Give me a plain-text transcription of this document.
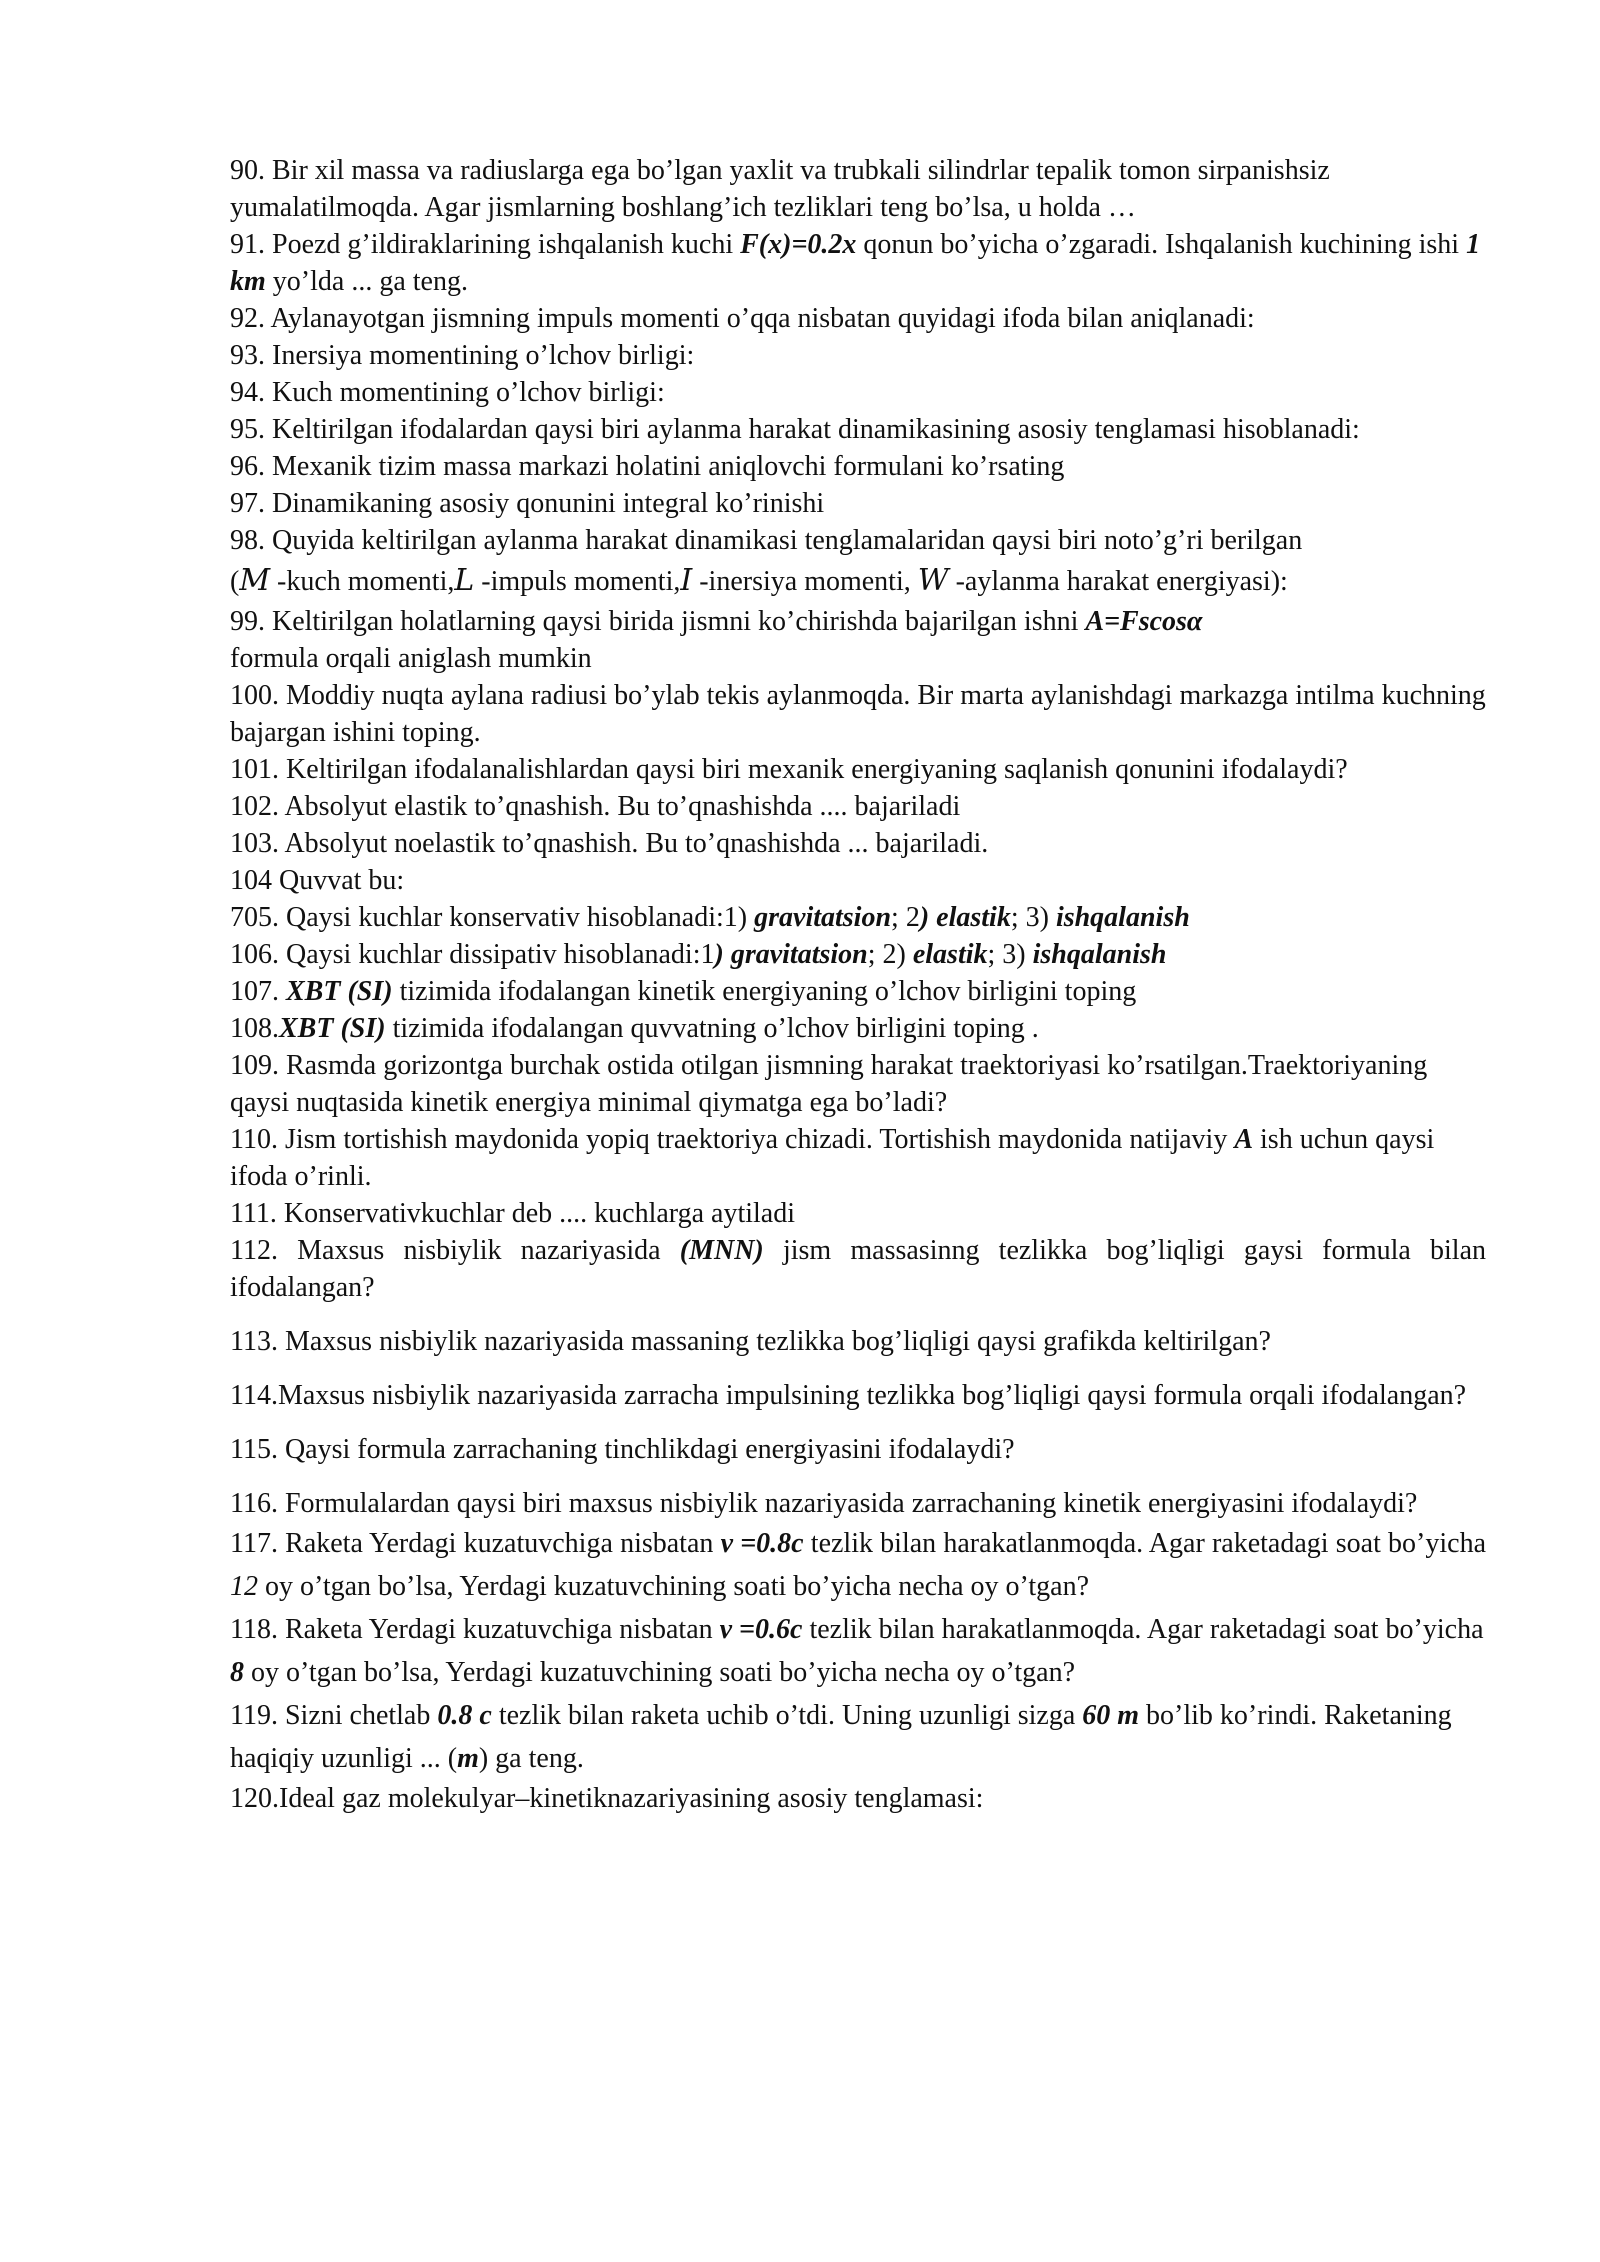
90. Bir xil massa va radiuslarga ega bo’lgan yaxlit va trubkali silindrlar tepalik tomon sirpanishsiz yumalatilmoqda. Agar jismlarning boshlang’ich tezliklari teng bo’lsa, u holda …

91. Poezd g’ildiraklarining ishqalanish kuchi F(x)=0.2x qonun bo’yicha o’zgaradi. Ishqalanish kuchining ishi 1 km yo’lda ... ga teng.

92. Aylanayotgan jismning impuls momenti o’qqa nisbatan quyidagi ifoda bilan aniqlanadi:

93. Inersiya momentining o’lchov birligi:

94. Kuch momentining o’lchov birligi:

95. Keltirilgan ifodalardan qaysi biri aylanma harakat dinamikasining asosiy tenglamasi hisoblanadi:

96. Mexanik tizim massa markazi holatini aniqlovchi formulani ko’rsating

97. Dinamikaning asosiy qonunini integral ko’rinishi

98. Quyida keltirilgan aylanma harakat dinamikasi tenglamalaridan qaysi biri noto’g’ri berilgan
(M -kuch momenti,L -impuls momenti,I -inersiya momenti, W -aylanma harakat energiyasi):

99. Keltirilgan holatlarning qaysi birida jismni ko’chirishda bajarilgan ishni A=Fscosα
formula orqali aniglash mumkin

100. Moddiy nuqta aylana radiusi bo’ylab tekis aylanmoqda. Bir marta aylanishdagi markazga intilma kuchning bajargan ishini toping.

101. Keltirilgan ifodalanalishlardan qaysi biri mexanik energiyaning saqlanish qonunini ifodalaydi?

102. Absolyut elastik to’qnashish. Bu to’qnashishda .... bajariladi

103. Absolyut noelastik to’qnashish. Bu to’qnashishda ... bajariladi.

104 Quvvat bu:

705. Qaysi kuchlar konservativ hisoblanadi:1) gravitatsion; 2) elastik; 3) ishqalanish

106. Qaysi kuchlar dissipativ hisoblanadi:1) gravitatsion; 2) elastik; 3) ishqalanish

107. XBT (SI) tizimida ifodalangan kinetik energiyaning o’lchov birligini toping

108.XBT (SI) tizimida ifodalangan quvvatning o’lchov birligini toping .

109. Rasmda gorizontga burchak ostida otilgan jismning harakat traektoriyasi ko’rsatilgan.Traektoriyaning qaysi nuqtasida kinetik energiya minimal qiymatga ega bo’ladi?

110. Jism tortishish maydonida yopiq traektoriya chizadi. Tortishish maydonida natijaviy A ish uchun qaysi ifoda o’rinli.

111. Konservativkuchlar deb .... kuchlarga aytiladi

112. Maxsus nisbiylik nazariyasida (MNN) jism massasinng tezlikka bog’liqligi gaysi formula bilan ifodalangan?

113. Maxsus nisbiylik nazariyasida massaning tezlikka bog’liqligi qaysi grafikda keltirilgan?

114.Maxsus nisbiylik nazariyasida zarracha impulsining tezlikka bog’liqligi qaysi formula orqali ifodalangan?

115. Qaysi formula zarrachaning tinchlikdagi energiyasini ifodalaydi?

116. Formulalardan qaysi biri maxsus nisbiylik nazariyasida zarrachaning kinetik energiyasini ifodalaydi?

117. Raketa Yerdagi kuzatuvchiga nisbatan v =0.8c tezlik bilan harakatlanmoqda. Agar raketadagi soat bo’yicha 12 oy o’tgan bo’lsa, Yerdagi kuzatuvchining soati bo’yicha necha oy o’tgan?

118. Raketa Yerdagi kuzatuvchiga nisbatan v =0.6c tezlik bilan harakatlanmoqda. Agar raketadagi soat bo’yicha 8 oy o’tgan bo’lsa, Yerdagi kuzatuvchining soati bo’yicha necha oy o’tgan?

119. Sizni chetlab 0.8 c tezlik bilan raketa uchib o’tdi. Uning uzunligi sizga 60 m bo’lib ko’rindi. Raketaning haqiqiy uzunligi ... (m) ga teng.

120.Ideal gaz molekulyar–kinetiknazariyasining asosiy tenglamasi:
